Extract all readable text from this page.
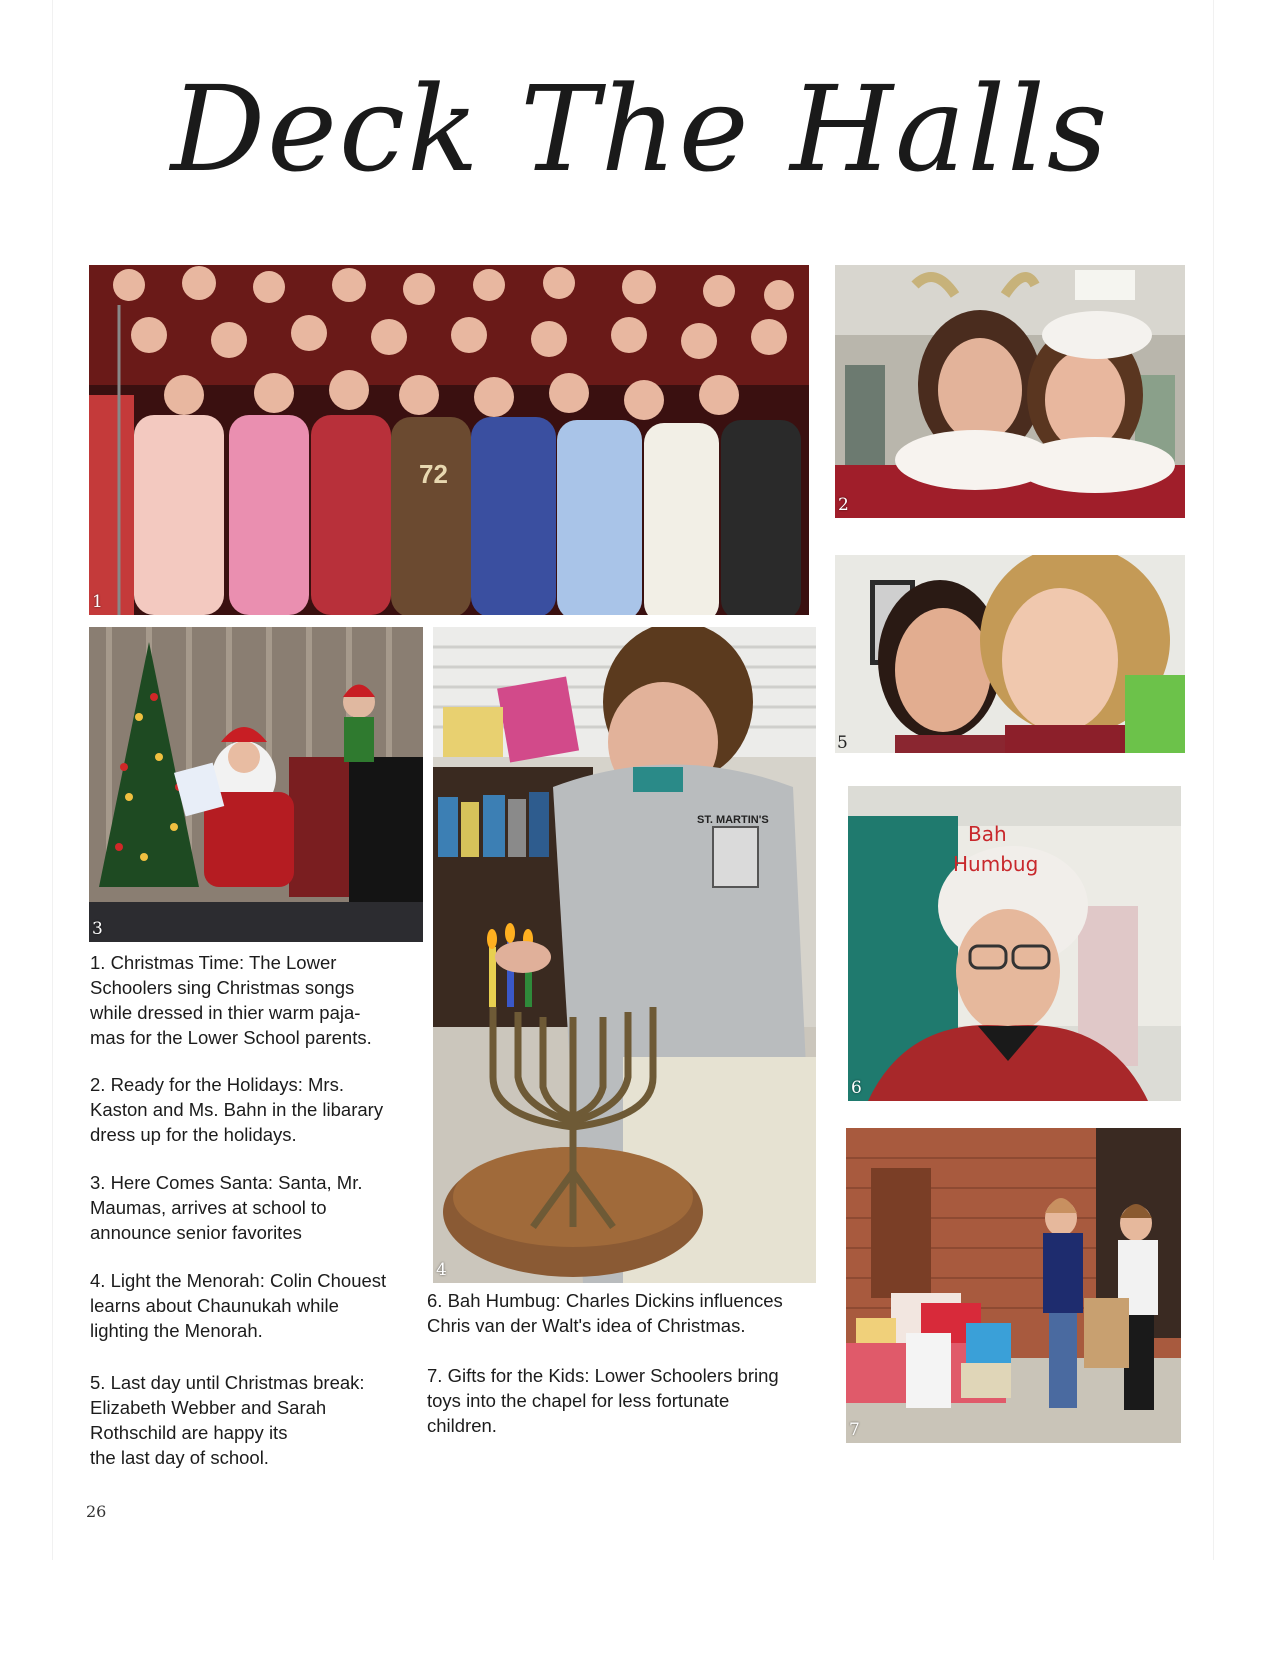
Deck The Halls
72
1
2
5
3
ST. MARTIN'S
4
Bah
Humbug
6
7
1. Christmas Time: The Lower
Schoolers sing Christmas songs
while dressed in thier warm paja-
mas for the Lower School parents.
2. Ready for the Holidays: Mrs.
Kaston and Ms. Bahn in the libarary
dress up for the holidays.
3. Here Comes Santa: Santa, Mr.
Maumas, arrives at school to
announce senior favorites
4. Light the Menorah: Colin Chouest
learns about Chaunukah while
lighting the Menorah.
5. Last day until Christmas break:
Elizabeth Webber and Sarah
Rothschild are happy its
the last day of school.
6. Bah Humbug: Charles Dickins influences
Chris van der Walt's idea of Christmas.
7. Gifts for the Kids: Lower Schoolers bring
toys into the chapel for less fortunate
children.
26
